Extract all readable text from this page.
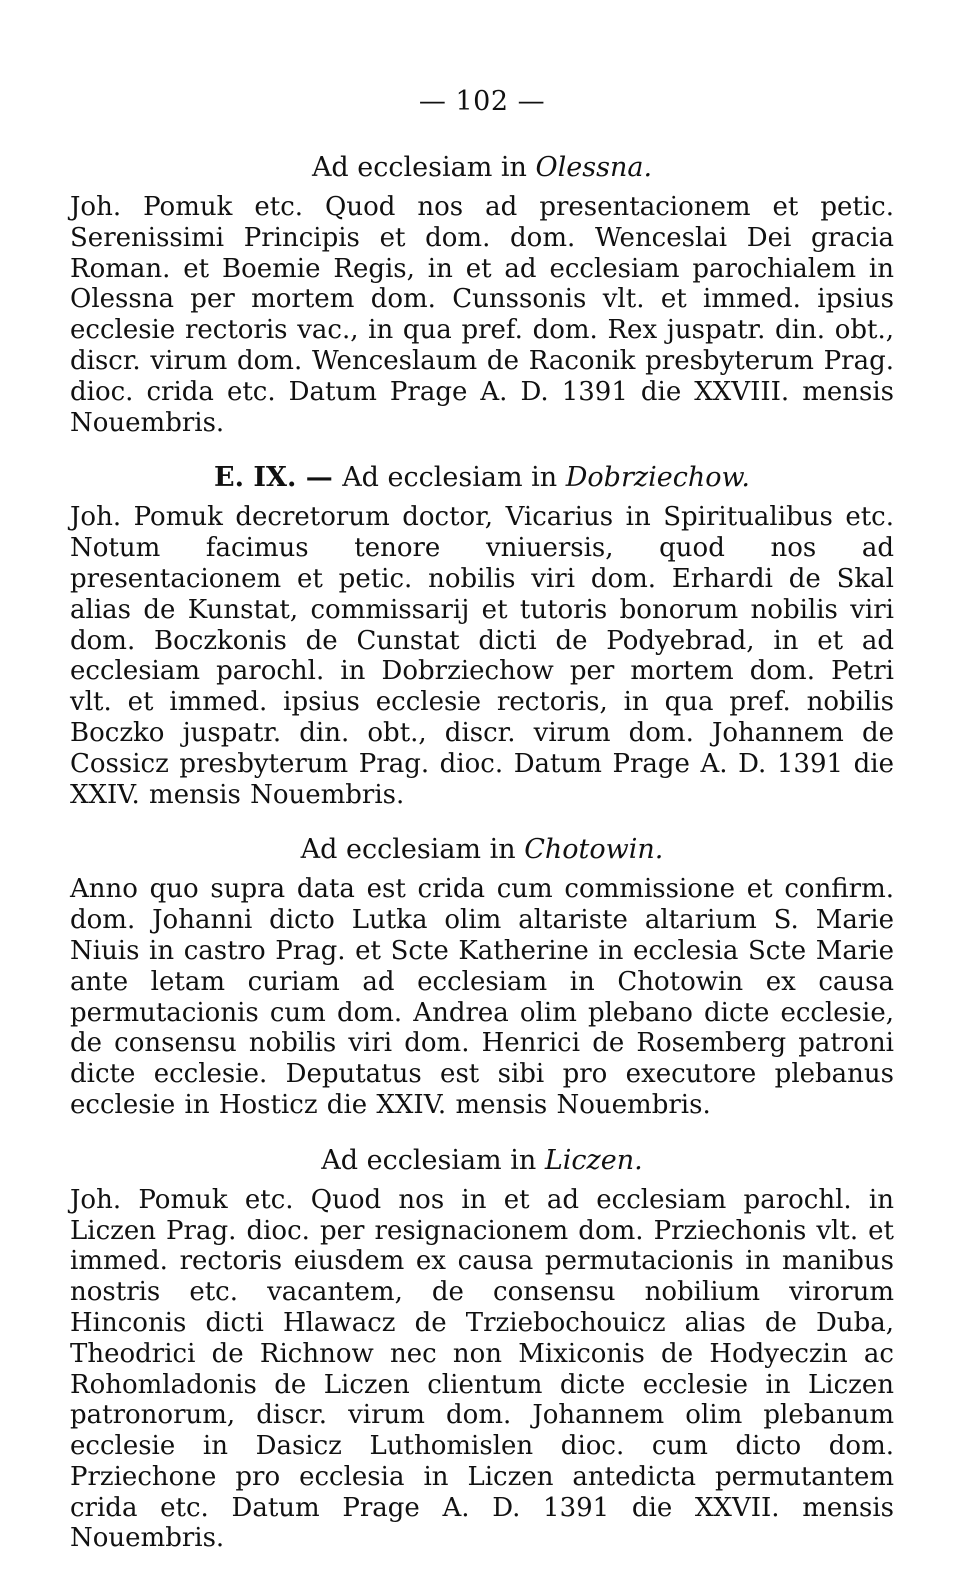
— 102 —
Ad ecclesiam in Olessna.

Joh. Pomuk etc. Quod nos ad presentacionem et petic. Serenissimi Principis et dom. dom. Wenceslai Dei gracia Roman. et Boemie Regis, in et ad ecclesiam parochialem in Olessna per mortem dom. Cunssonis vlt. et immed. ipsius ecclesie rectoris vac., in qua pref. dom. Rex juspatr. din. obt., discr. virum dom. Wenceslaum de Raconik presbyterum Prag. dioc. crida etc. Datum Prage A. D. 1391 die XXVIII. mensis Nouembris.

E. IX. — Ad ecclesiam in Dobrziechow.

Joh. Pomuk decretorum doctor, Vicarius in Spiritualibus etc. Notum facimus tenore vniuersis, quod nos ad presentacionem et petic. nobilis viri dom. Erhardi de Skal alias de Kunstat, commissarij et tutoris bonorum nobilis viri dom. Boczkonis de Cunstat dicti de Podyebrad, in et ad ecclesiam parochl. in Dobrziechow per mortem dom. Petri vlt. et immed. ipsius ecclesie rectoris, in qua pref. nobilis Boczko juspatr. din. obt., discr. virum dom. Johannem de Cossicz presbyterum Prag. dioc. Datum Prage A. D. 1391 die XXIV. mensis Nouembris.

Ad ecclesiam in Chotowin.

Anno quo supra data est crida cum commissione et confirm. dom. Johanni dicto Lutka olim altariste altarium S. Marie Niuis in castro Prag. et Scte Katherine in ecclesia Scte Marie ante letam curiam ad ecclesiam in Chotowin ex causa permutacionis cum dom. Andrea olim plebano dicte ecclesie, de consensu nobilis viri dom. Henrici de Rosemberg patroni dicte ecclesie. Deputatus est sibi pro executore plebanus ecclesie in Hosticz die XXIV. mensis Nouembris.

Ad ecclesiam in Liczen.

Joh. Pomuk etc. Quod nos in et ad ecclesiam parochl. in Liczen Prag. dioc. per resignacionem dom. Prziechonis vlt. et immed. rectoris eiusdem ex causa permutacionis in manibus nostris etc. vacantem, de consensu nobilium virorum Hinconis dicti Hlawacz de Trziebochouicz alias de Duba, Theodrici de Richnow nec non Mixiconis de Hodyeczin ac Rohomladonis de Liczen clientum dicte ecclesie in Liczen patronorum, discr. virum dom. Johannem olim plebanum ecclesie in Dasicz Luthomislen dioc. cum dicto dom. Prziechone pro ecclesia in Liczen antedicta permutantem crida etc. Datum Prage A. D. 1391 die XXVII. mensis Nouembris.
